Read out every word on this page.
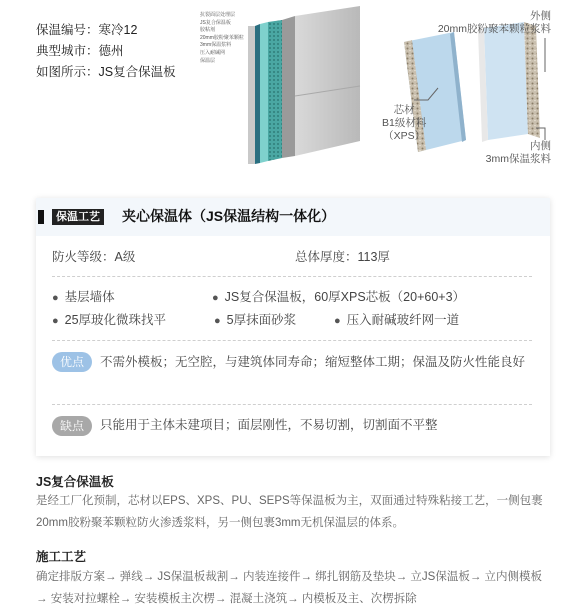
保温编号：寒冷12
典型城市：德州
如图所示：JS复合保温板
抗裂面层处理层
JS复合保温板
胶粘剂
20mm胶粉聚苯颗粒
3mm保温浆料
压入耐碱网
保温层
外侧
20mm胶粉聚苯颗粒浆料
芯材
B1级材料
（XPS）
内侧
3mm保温浆料
保温工艺 夹心保温体（JS保温结构一体化）
防火等级：A级	总体厚度：113厚
● 基层墙体	● JS复合保温板，60厚XPS芯板（20+60+3）
● 25厚玻化微珠找平	● 5厚抹面砂浆	● 压入耐碱玻纤网一道
优点	不需外模板；无空腔，与建筑体同寿命；缩短整体工期；保温及防火性能良好
缺点	只能用于主体未建项目；面层刚性，不易切割，切割面不平整
JS复合保温板
是经工厂化预制，芯材以EPS、XPS、PU、SEPS等保温板为主，双面通过特殊粘接工艺，一侧包裹20mm胶粉聚苯颗粒防火渗透浆料，另一侧包裹3mm无机保温层的体系。
施工工艺
确定排版方案→ 弹线→ JS保温板裁割→ 内装连接件→ 绑扎钢筋及垫块→ 立JS保温板→ 立内侧模板→ 安装对拉螺栓→ 安装模板主次楞→ 混凝土浇筑→ 内模板及主、次楞拆除
